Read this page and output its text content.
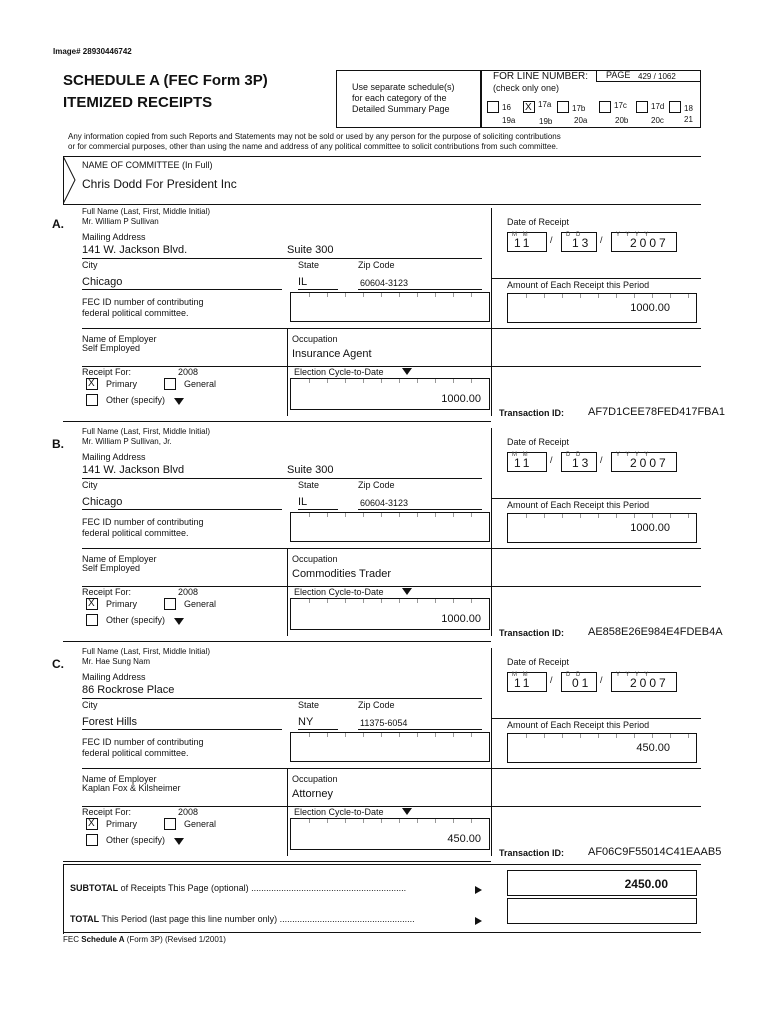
Image# 28930446742
SCHEDULE A (FEC Form 3P)
ITEMIZED RECEIPTS
Use separate schedule(s)
for each category of the
Detailed Summary Page
FOR LINE NUMBER:
(check only one)
PAGE 429 / 1062
16
19a
X 17a
19b
17b
20a
17c
20b
17d
20c
18
21
Any information copied from such Reports and Statements may not be sold or used by any person for the purpose of soliciting contributions
or for commercial purposes, other than using the name and address of any political committee to solicit contributions from such committee.
NAME OF COMMITTEE (In Full)
Chris Dodd For President Inc
A.
Full Name (Last, First, Middle Initial)
Mr. William P Sullivan
Mailing Address
141 W. Jackson Blvd.	Suite 300
City	State	Zip Code
Chicago	IL	60604-3123
FEC ID number of contributing
federal political committee.
Name of Employer
Self Employed
Occupation
Insurance Agent
Receipt For:	2008
X Primary	General
Other (specify)
Election Cycle-to-Date
1000.00
Date of Receipt
M M
11
D D
13
Y Y Y Y
2007
/	/
Amount of Each Receipt this Period
1000.00
Transaction ID: AF7D1CEE78FED417FBA1
B.
Full Name (Last, First, Middle Initial)
Mr. William P Sullivan, Jr.
Mailing Address
141 W. Jackson Blvd	Suite 300
City	State	Zip Code
Chicago	IL	60604-3123
FEC ID number of contributing
federal political committee.
Name of Employer
Self Employed
Occupation
Commodities Trader
Receipt For:	2008
X Primary	General
Other (specify)
Election Cycle-to-Date
1000.00
Date of Receipt
M M
11
D D
13
Y Y Y Y
2007
/	/
Amount of Each Receipt this Period
1000.00
Transaction ID: AE858E26E984E4FDEB4A
C.
Full Name (Last, First, Middle Initial)
Mr. Hae Sung Nam
Mailing Address
86 Rockrose Place
City	State	Zip Code
Forest Hills	NY	11375-6054
FEC ID number of contributing
federal political committee.
Name of Employer
Kaplan Fox & Kilsheimer
Occupation
Attorney
Receipt For:	2008
X Primary	General
Other (specify)
Election Cycle-to-Date
450.00
Date of Receipt
M M
11
D D
01
Y Y Y Y
2007
/	/
Amount of Each Receipt this Period
450.00
Transaction ID: AF06C9F55014C41EAAB5
SUBTOTAL of Receipts This Page (optional) ..............................................................	2450.00
TOTAL This Period (last page this line number only) ......................................................
FEC Schedule A (Form 3P) (Revised 1/2001)
